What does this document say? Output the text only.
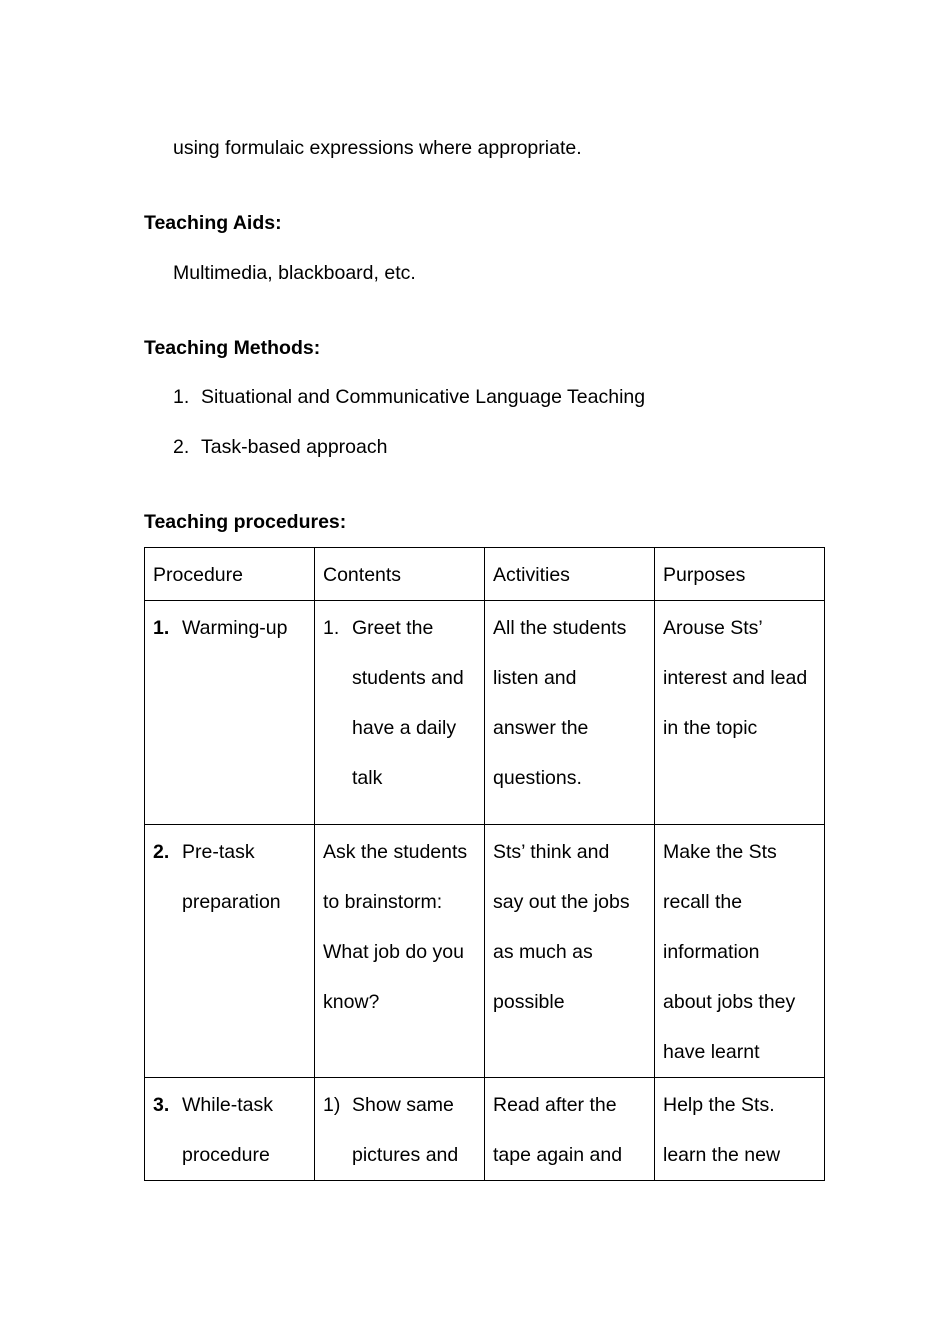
using formulaic expressions where appropriate.
Teaching Aids:
Multimedia, blackboard, etc.
Teaching Methods:
1. Situational and Communicative Language Teaching
2. Task-based approach
Teaching procedures:
Procedure	Contents	Activities	Purposes

1. Warming-up	1. Greet the
students and
have a daily
talk	All the students
listen and
answer the
questions.	Arouse Sts’
interest and lead
in the topic

2. Pre-task
preparation	Ask the students
to brainstorm:
What job do you
know?	Sts’ think and
say out the jobs
as much as
possible	Make the Sts
recall the
information
about jobs they
have learnt

3. While-task
procedure	1) Show same
pictures and	Read after the
tape again and	Help the Sts.
learn the new
